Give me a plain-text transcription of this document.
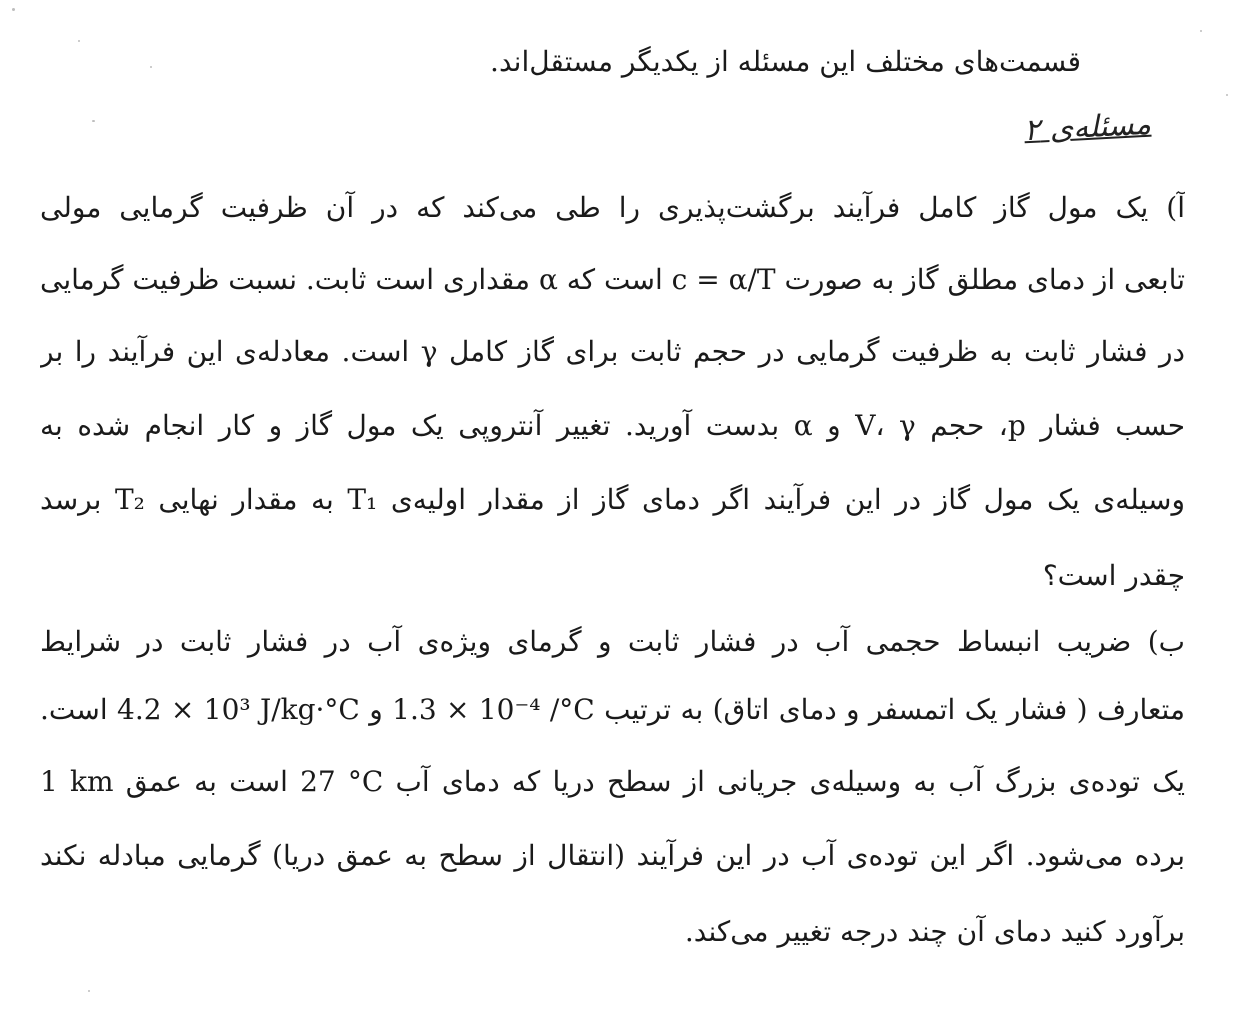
قسمت‌های مختلف این مسئله از یکدیگر مستقل‌اند.
مسئله‌ی ۲
آ) یک مول گاز کامل فرآیند برگشت‌پذیری را طی می‌کند که در آن ظرفیت گرمایی مولی
تابعی از دمای مطلق گاز به صورت c = α/T است که α مقداری است ثابت. نسبت ظرفیت گرمایی
در فشار ثابت به ظرفیت گرمایی در حجم ثابت برای گاز کامل γ است. معادله‌ی این فرآیند را بر
حسب فشار p، حجم V، γ و α بدست آورید. تغییر آنتروپی یک مول گاز و کار انجام شده به
وسیله‌ی یک مول گاز در این فرآیند اگر دمای گاز از مقدار اولیه‌ی T₁ به مقدار نهایی T₂ برسد
چقدر است؟
ب) ضریب انبساط حجمی آب در فشار ثابت و گرمای ویژه‌ی آب در فشار ثابت در شرایط
متعارف ( فشار یک اتمسفر و دمای اتاق) به ترتیب ‎1.3 × 10⁻⁴ /°C‎ و ‎4.2 × 10³ J/kg·°C‎ است.
یک توده‌ی بزرگ آب به وسیله‌ی جریانی از سطح دریا که دمای آب ‎27 °C‎ است به عمق ‎1 km‎
برده می‌شود. اگر این توده‌ی آب در این فرآیند (انتقال از سطح به عمق دریا) گرمایی مبادله نکند
برآورد کنید دمای آن چند درجه تغییر می‌کند.
